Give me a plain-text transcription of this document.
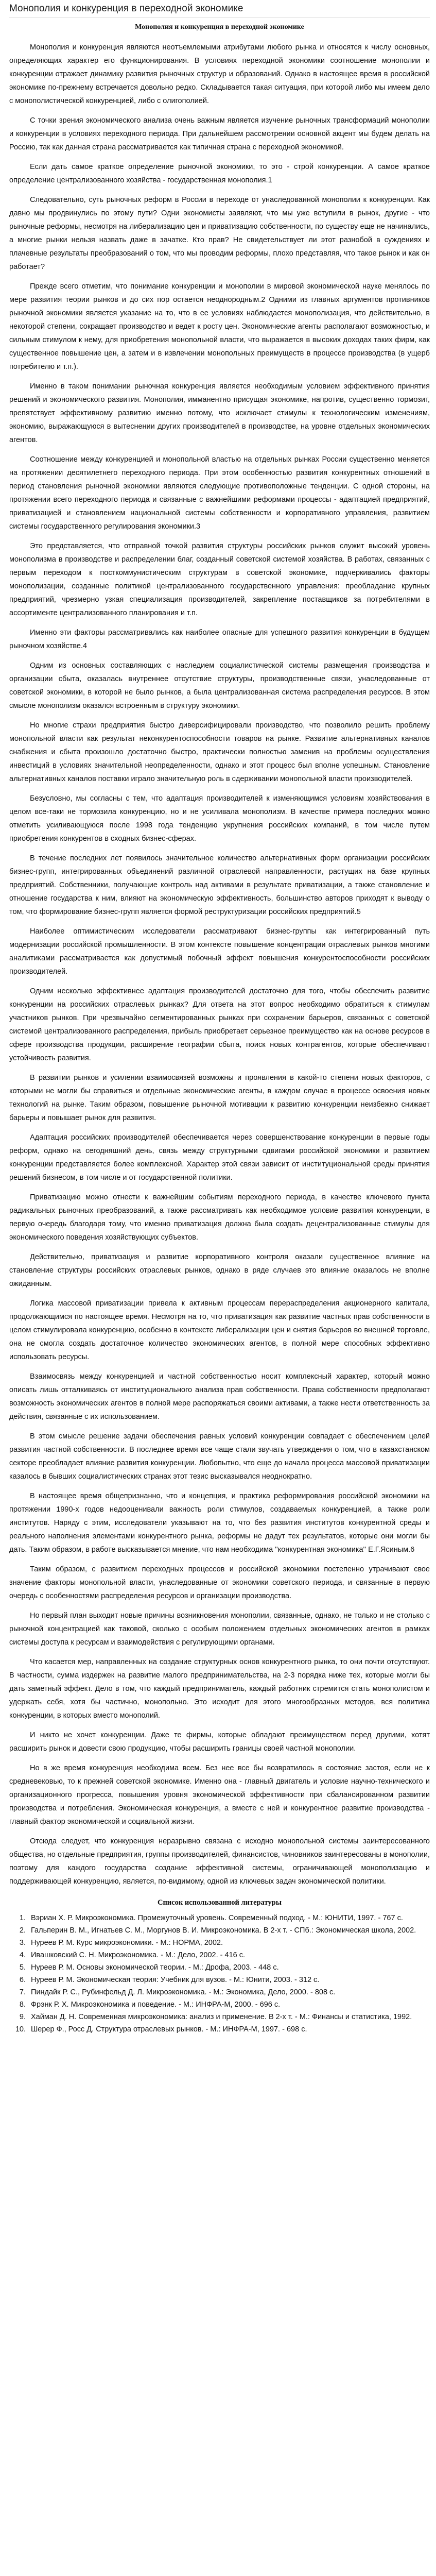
Монополия и конкуренция в переходной экономике
Монополия и конкуренция в переходной экономике

Монополия и конкуренция являются неотъемлемыми атрибутами любого рынка и относятся к числу основных, определяющих характер его функционирования. В условиях переходной экономики соотношение монополии и конкуренции отражает динамику развития рыночных структур и образований. Однако в настоящее время в российской экономике по-прежнему встречается довольно редко. Складывается такая ситуация, при которой либо мы имеем дело с монополистической конкуренцией, либо с олигополией.

С точки зрения экономического анализа очень важным является изучение рыночных трансформаций монополии и конкуренции в условиях переходного периода. При дальнейшем рассмотрении основной акцент мы будем делать на Россию, так как данная страна рассматривается как типичная страна с переходной экономикой.

Если дать самое краткое определение рыночной экономики, то это - строй конкуренции. А самое краткое определение централизованного хозяйства - государственная монополия.1

Следовательно, суть рыночных реформ в России в переходе от унаследованной монополии к конкуренции. Как давно мы продвинулись по этому пути? Одни экономисты заявляют, что мы уже вступили в рынок, другие - что рыночные реформы, несмотря на либерализацию цен и приватизацию собственности, по существу еще не начинались, а многие рынки нельзя назвать даже в зачатке. Кто прав? Не свидетельствует ли этот разнобой в суждениях и плачевные результаты преобразований о том, что мы проводим реформы, плохо представляя, что такое рынок и как он работает?

Прежде всего отметим, что понимание конкуренции и монополии в мировой экономической науке менялось по мере развития теории рынков и до сих пор остается неоднородным.2 Одними из главных аргументов противников рыночной экономики является указание на то, что в ее условиях наблюдается монополизация, что действительно, в некоторой степени, сокращает производство и ведет к росту цен. Экономические агенты располагают возможностью, и сильным стимулом к нему, для приобретения монопольной власти, что выражается в высоких доходах таких фирм, как существенное повышение цен, а затем и в извлечении монопольных преимуществ в процессе производства (в ущерб потребителю и т.п.).

Именно в таком понимании рыночная конкуренция является необходимым условием эффективного принятия решений и экономического развития. Монополия, имманентно присущая экономике, напротив, существенно тормозит, препятствует эффективному развитию именно потому, что исключает стимулы к технологическим изменениям, экономию, выражающуюся в вытеснении других производителей в производстве, на уровне отдельных экономических агентов.

Соотношение между конкуренцией и монопольной властью на отдельных рынках России существенно меняется на протяжении десятилетнего переходного периода. При этом особенностью развития конкурентных отношений в период становления рыночной экономики являются следующие противоположные тенденции. С одной стороны, на протяжении всего переходного периода и связанные с важнейшими реформами процессы - адаптацией предприятий, приватизацией и становлением национальной системы собственности и корпоративного управления, развитием системы государственного регулирования экономики.3

Это представляется, что отправной точкой развития структуры российских рынков служит высокий уровень монополизма в производстве и распределении благ, созданный советской системой хозяйства. В работах, связанных с первым переходом к посткоммунистическим структурам в советской экономике, подчеркивались факторы монополизации, созданные политикой централизованного государственного управления: преобладание крупных предприятий, чрезмерно узкая специализация производителей, закрепление поставщиков за потребителями в ассортименте централизованного планирования и т.п.

Именно эти факторы рассматривались как наиболее опасные для успешного развития конкуренции в будущем рыночном хозяйстве.4

Одним из основных составляющих с наследием социалистической системы размещения производства и организации сбыта, оказалась внутреннее отсутствие структуры, производственные связи, унаследованные от советской экономики, в которой не было рынков, а была централизованная система распределения ресурсов. В этом смысле монополизм оказался встроенным в структуру экономики.

Но многие страхи предприятия быстро диверсифицировали производство, что позволило решить проблему монопольной власти как результат неконкурентоспособности товаров на рынке. Развитие альтернативных каналов снабжения и сбыта произошло достаточно быстро, практически полностью заменив на проблемы осуществления инвестиций в условиях значительной неопределенности, однако и этот процесс был вполне успешным. Становление альтернативных каналов поставки играло значительную роль в сдерживании монопольной власти производителей.

Безусловно, мы согласны с тем, что адаптация производителей к изменяющимся условиям хозяйствования в целом все-таки не тормозила конкуренцию, но и не усиливала монополизм. В качестве примера последних можно отметить усиливающуюся после 1998 года тенденцию укрупнения российских компаний, в том числе путем приобретения конкурентов в сходных бизнес-сферах.

В течение последних лет появилось значительное количество альтернативных форм организации российских бизнес-групп, интегрированных объединений различной отраслевой направленности, растущих на базе крупных предприятий. Собственники, получающие контроль над активами в результате приватизации, а также становление и отношение государства к ним, влияют на экономическую эффективность, большинство авторов приходят к выводу о том, что формирование бизнес-групп является формой реструктуризации российских предприятий.5

Наиболее оптимистическим исследователи рассматривают бизнес-группы как интегрированный путь модернизации российской промышленности. В этом контексте повышение концентрации отраслевых рынков многими аналитиками рассматривается как допустимый побочный эффект повышения конкурентоспособности российских производителей.

Одним несколько эффективнее адаптация производителей достаточно для того, чтобы обеспечить развитие конкуренции на российских отраслевых рынках? Для ответа на этот вопрос необходимо обратиться к стимулам участников рынков. При чрезвычайно сегментированных рынках при сохранении барьеров, связанных с советской системой централизованного распределения, прибыль приобретает серьезное преимущество как на основе ресурсов в сфере производства продукции, расширение географии сбыта, поиск новых контрагентов, которые обеспечивают устойчивость развития.

В развитии рынков и усилении взаимосвязей возможны и проявления в какой-то степени новых факторов, с которыми не могли бы справиться и отдельные экономические агенты, в каждом случае в процессе освоения новых технологий на рынке. Таким образом, повышение рыночной мотивации к развитию конкуренции неизбежно снижает барьеры и повышает рынок для развития.

Адаптация российских производителей обеспечивается через совершенствование конкуренции в первые годы реформ, однако на сегодняшний день, связь между структурными сдвигами российской экономики и развитием конкуренции представляется более комплексной. Характер этой связи зависит от институциональной среды принятия решений бизнесом, в том числе и от государственной политики.

Приватизацию можно отнести к важнейшим событиям переходного периода, в качестве ключевого пункта радикальных рыночных преобразований, а также рассматривать как необходимое условие развития конкуренции, в первую очередь благодаря тому, что именно приватизация должна была создать децентрализованные стимулы для экономического поведения хозяйствующих субъектов.

Действительно, приватизация и развитие корпоративного контроля оказали существенное влияние на становление структуры российских отраслевых рынков, однако в ряде случаев это влияние оказалось не вполне ожиданным.

Логика массовой приватизации привела к активным процессам перераспределения акционерного капитала, продолжающимся по настоящее время. Несмотря на то, что приватизация как развитие частных прав собственности в целом стимулировала конкуренцию, особенно в контексте либерализации цен и снятия барьеров во внешней торговле, она не смогла создать достаточное количество экономических агентов, в полной мере способных эффективно использовать ресурсы.

Взаимосвязь между конкуренцией и частной собственностью носит комплексный характер, который можно описать лишь отталкиваясь от институционального анализа прав собственности. Права собственности предполагают возможность экономических агентов в полной мере распоряжаться своими активами, а также нести ответственность за действия, связанные с их использованием.

В этом смысле решение задачи обеспечения равных условий конкуренции совпадает с обеспечением целей развития частной собственности. В последнее время все чаще стали звучать утверждения о том, что в казахстанском секторе преобладает влияние развития конкуренции. Любопытно, что еще до начала процесса массовой приватизации казалось в бывших социалистических странах этот тезис высказывался неоднократно.

В настоящее время общепризнанно, что и концепция, и практика реформирования российской экономики на протяжении 1990-х годов недооценивали важность роли стимулов, создаваемых конкуренцией, а также роли институтов. Наряду с этим, исследователи указывают на то, что без развития институтов конкурентной среды и реального наполнения элементами конкурентного рынка, реформы не дадут тех результатов, которые они могли бы дать. Таким образом, в работе высказывается мнение, что нам необходима ''конкурентная экономика'' Е.Г.Ясиным.6

Таким образом, с развитием переходных процессов и российской экономики постепенно утрачивают свое значение факторы монопольной власти, унаследованные от экономики советского периода, и связанные в первую очередь с особенностями распределения ресурсов и организации производства.

Но первый план выходит новые причины возникновения монополии, связанные, однако, не только и не столько с рыночной концентрацией как таковой, сколько с особым положением отдельных экономических агентов в рамках системы доступа к ресурсам и взаимодействия с регулирующими органами.

Что касается мер, направленных на создание структурных основ конкурентного рынка, то они почти отсутствуют. В частности, сумма издержек на развитие малого предпринимательства, на 2-3 порядка ниже тех, которые могли бы дать заметный эффект. Дело в том, что каждый предприниматель, каждый работник стремится стать монополистом и удержать себя, хотя бы частично, монопольно. Это исходит для этого многообразных методов, вся политика конкуренции, в которых вместо монополий.

И никто не хочет конкуренции. Даже те фирмы, которые обладают преимуществом перед другими, хотят расширить рынок и довести свою продукцию, чтобы расширить границы своей частной монополии.

Но в же время конкуренция необходима всем. Без нее все бы возвратилось в состояние застоя, если не к средневековью, то к прежней советской экономике. Именно она - главный двигатель и условие научно-технического и организационного прогресса, повышения уровня экономической эффективности при сбалансированном развитии производства и потребления. Экономическая конкуренция, а вместе с ней и конкурентное развитие производства - главный фактор экономической и социальной жизни.

Отсюда следует, что конкуренция неразрывно связана с исходно монопольной системы заинтересованного общества, но отдельные предприятия, группы производителей, финансистов, чиновников заинтересованы в монополии, поэтому для каждого государства создание эффективной системы, ограничивающей монополизацию и поддерживающей конкуренцию, является, по-видимому, одной из ключевых задач экономической политики.

Список использованной литературы
1. Вэриан Х. Р. Микроэкономика. Промежуточный уровень. Современный подход. - М.: ЮНИТИ, 1997. - 767 с.
2. Гальперин В. М., Игнатьев С. М., Моргунов В. И. Микроэкономика. В 2-х т. - СПб.: Экономическая школа, 2002.
3. Нуреев Р. М. Курс микроэкономики. - М.: НОРМА, 2002.
4. Ивашковский С. Н. Микроэкономика. - М.: Дело, 2002. - 416 с.
5. Нуреев Р. М. Основы экономической теории. - М.: Дрофа, 2003. - 448 с.
6. Нуреев Р. М. Экономическая теория: Учебник для вузов. - М.: Юнити, 2003. - 312 с.
7. Пиндайк Р. С., Рубинфельд Д. Л. Микроэкономика. - М.: Экономика, Дело, 2000. - 808 с.
8. Фрэнк Р. Х. Микроэкономика и поведение. - М.: ИНФРА-М, 2000. - 696 с.
9. Хайман Д. Н. Современная микроэкономика: анализ и применение. В 2-х т. - М.: Финансы и статистика, 1992.
10. Шерер Ф., Росс Д. Структура отраслевых рынков. - М.: ИНФРА-М, 1997. - 698 с.
